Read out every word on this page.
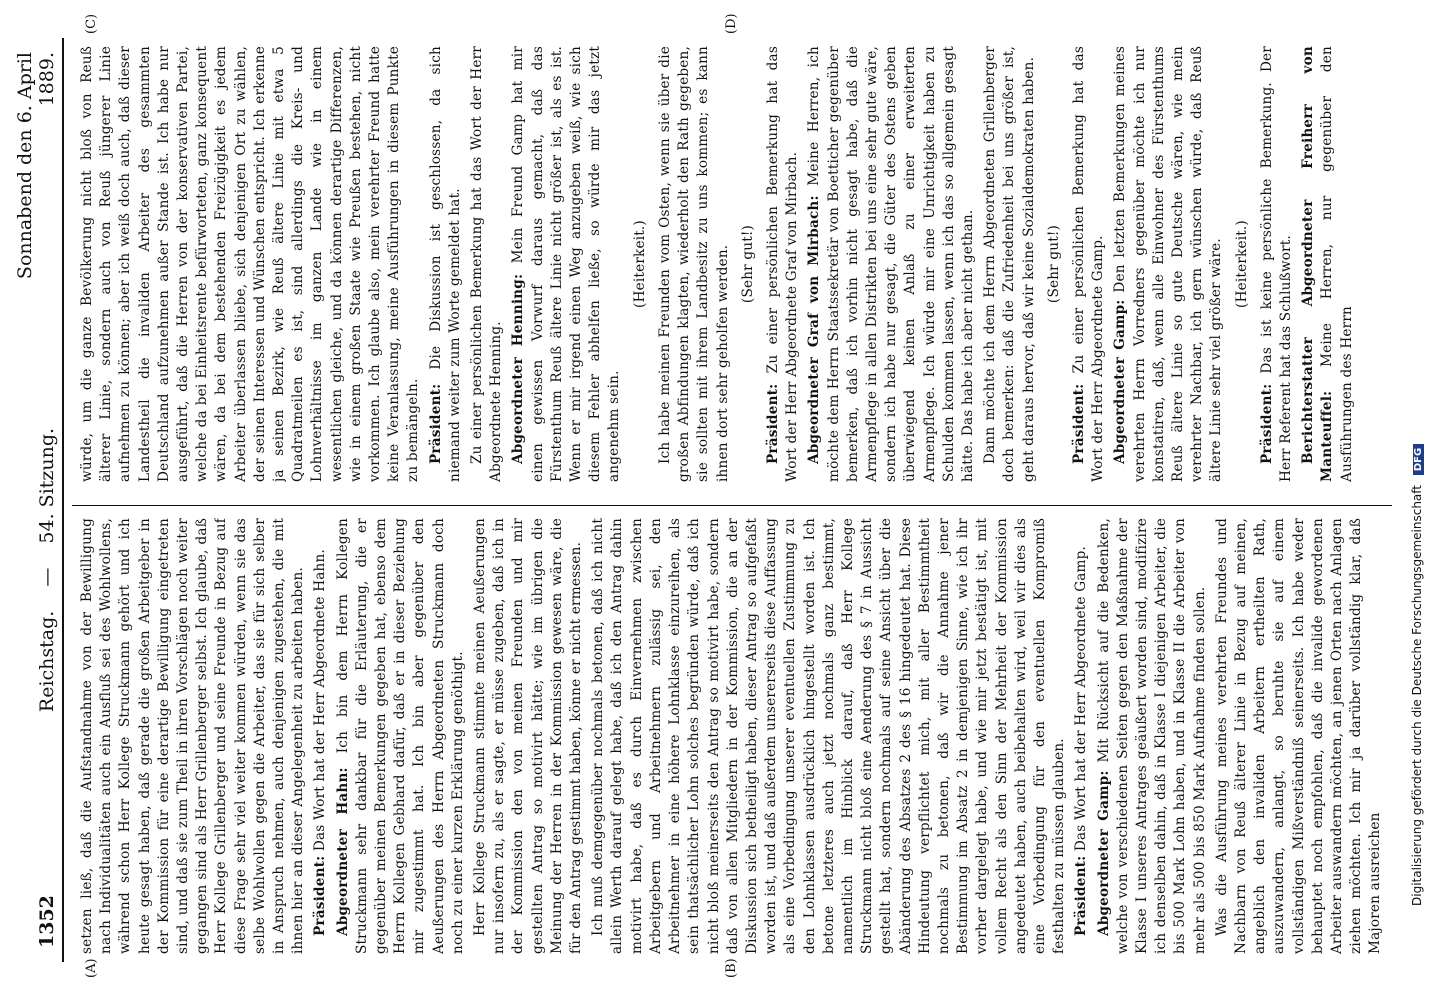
1352
Reichstag. — 54. Sitzung.
Sonnabend den 6. April 1889.
(A)	(B)
(C)	(D)

setzen ließ, daß die Aufstandnahme von der Bewilligung nach Individualitäten auch ein Ausfluß sei des Wohlwollens, während schon Herr Kollege Struckmann gehört und ich heute gesagt haben, daß gerade die großen Arbeitgeber in der Kommission für eine derartige Bewilligung eingetreten sind, und daß sie zum Theil in ihren Vorschlägen noch weiter gegangen sind als Herr Grillenberger selbst. Ich glaube, daß Herr Kollege Grillenberger und seine Freunde in Bezug auf diese Frage sehr viel weiter kommen würden, wenn sie das selbe Wohlwollen gegen die Arbeiter, das sie für sich selber in Anspruch nehmen, auch denjenigen zugestehen, die mit ihnen hier an dieser Angelegenheit zu arbeiten haben. Präsident: Das Wort hat der Herr Abgeordnete Hahn.

Abgeordneter Hahn: Ich bin dem Herrn Kollegen Struckmann sehr dankbar für die Erläuterung, die er gegenüber meinen Bemerkungen gegeben hat, ebenso dem Herrn Kollegen Gebhard dafür, daß er in dieser Beziehung mir zugestimmt hat. Ich bin aber gegenüber den Aeußerungen des Herrn Abgeordneten Struckmann doch noch zu einer kurzen Erklärung genöthigt. Herr Kollege Struckmann stimmte meinen Aeußerungen nur insofern zu, als er sagte, er müsse zugeben, daß ich in der Kommission den von meinen Freunden und mir gestellten Antrag so motivirt hätte; wie im übrigen die Meinung der Herren in der Kommission gewesen wäre, die für den Antrag gestimmt haben, könne er nicht ermessen. Ich muß demgegenüber nochmals betonen, daß ich nicht allein Werth darauf gelegt habe, daß ich den Antrag dahin motivirt habe, daß es durch Einvernehmen zwischen Arbeitgebern und Arbeitnehmern zulässig sei, den Arbeitnehmer in eine höhere Lohnklasse einzureihen, als sein thatsächlicher Lohn solches begründen würde, daß ich nicht bloß meinerseits den Antrag so motivirt habe, sondern daß von allen Mitgliedern in der Kommission, die an der Diskussion sich betheiligt haben, dieser Antrag so aufgefaßt worden ist, und daß außerdem unsererseits diese Auffassung als eine Vorbedingung unserer eventuellen Zustimmung zu den Lohnklassen ausdrücklich hingestellt worden ist. Ich betone letzteres auch jetzt nochmals ganz bestimmt, namentlich im Hinblick darauf, daß Herr Kollege Struckmann nicht bloß eine Aenderung des § 7 in Aussicht gestellt hat, sondern nochmals auf seine Ansicht über die Abänderung des Absatzes 2 des § 16 hingedeutet hat. Diese Hindeutung verpflichtet mich, mit aller Bestimmtheit nochmals zu betonen, daß wir die Annahme jener Bestimmung im Absatz 2 in demjenigen Sinne, wie ich ihr vorher dargelegt habe, und wie mir jetzt bestätigt ist, mit vollem Recht als den Sinn der Mehrheit der Kommission angedeutet haben, auch beibehalten wird, weil wir dies als eine Vorbedingung für den eventuellen Kompromiß festhalten zu müssen glauben. Präsident: Das Wort hat der Herr Abgeordnete Gamp.

Abgeordneter Gamp: Mit Rücksicht auf die Bedenken, welche von verschiedenen Seiten gegen den Maßnahme der Klasse I unseres Antrages geäußert worden sind, modifizire ich denselben dahin, daß in Klasse I diejenigen Arbeiter, die bis 500 Mark Lohn haben, und in Klasse II die Arbeiter von mehr als 500 bis 850 Mark Aufnahme finden sollen. Was die Ausführung meines verehrten Freundes und Nachbarn von Reuß älterer Linie in Bezug auf meinen, angeblich den invaliden Arbeitern ertheilten Rath, auszuwandern, anlangt, so beruhte sie auf einem vollständigen Mißverständniß seinerseits. Ich habe weder behauptet noch empfohlen, daß die invalide gewordenen Arbeiter auswandern möchten, an jenen Orten nach Anlagen ziehen möchten. Ich mir ja darüber vollständig klar, daß Majoren ausreichen

würde, um die ganze Bevölkerung nicht bloß von Reuß älterer Linie, sondern auch von Reuß jüngerer Linie aufnehmen zu können; aber ich weiß doch auch, daß dieser Landestheil die invaliden Arbeiter des gesammten Deutschland aufzunehmen außer Stande ist. Ich habe nur ausgeführt, daß die Herren von der konservativen Partei, welche da bei Einheitsrente befürworteten, ganz konsequent wären, da bei dem bestehenden Freizügigkeit es jedem Arbeiter überlassen bliebe, sich denjenigen Ort zu wählen, der seinen Interessen und Wünschen entspricht. Ich erkenne ja seinen Bezirk, wie Reuß ältere Linie mit etwa 5 Quadratmeilen es ist, sind allerdings die Kreis- und Lohnverhältnisse im ganzen Lande wie in einem wesentlichen gleiche, und da können derartige Differenzen, wie in einem großen Staate wie Preußen bestehen, nicht vorkommen. Ich glaube also, mein verehrter Freund hatte keine Veranlassung, meine Ausführungen in diesem Punkte zu bemängeln. Präsident: Die Diskussion ist geschlossen, da sich niemand weiter zum Worte gemeldet hat. Zu einer persönlichen Bemerkung hat das Wort der Herr Abgeordnete Henning. Abgeordneter Henning: Mein Freund Gamp hat mir einen gewissen Vorwurf daraus gemacht, daß das Fürstenthum Reuß ältere Linie nicht größer ist, als es ist. Wenn er mir irgend einen Weg anzugeben weiß, wie sich diesem Fehler abhelfen ließe, so würde mir das jetzt angenehm sein.

(Heiterkeit.) Ich habe meinen Freunden vom Osten, wenn sie über die großen Abfindungen klagten, wiederholt den Rath gegeben, sie sollten mit ihrem Landbesitz zu uns kommen; es kann ihnen dort sehr geholfen werden. (Sehr gut!)

Präsident: Zu einer persönlichen Bemerkung hat das Wort der Herr Abgeordnete Graf von Mirbach. Abgeordneter Graf von Mirbach: Meine Herren, ich möchte dem Herrn Staatssekretär von Boetticher gegenüber bemerken, daß ich vorhin nicht gesagt habe, daß die Armenpflege in allen Distrikten bei uns eine sehr gute wäre, sondern ich habe nur gesagt, die Güter des Ostens geben überwiegend keinen Anlaß zu einer erweiterten Armenpflege. Ich würde mir eine Unrichtigkeit haben zu Schulden kommen lassen, wenn ich das so allgemein gesagt hätte. Das habe ich aber nicht gethan. Dann möchte ich dem Herrn Abgeordneten Grillenberger doch bemerken: daß die Zufriedenheit bei uns größer ist, geht daraus hervor, daß wir keine Sozialdemokraten haben. (Sehr gut!)

Präsident: Zu einer persönlichen Bemerkung hat das Wort der Herr Abgeordnete Gamp. Abgeordneter Gamp: Den letzten Bemerkungen meines verehrten Herrn Vorredners gegenüber möchte ich nur konstatiren, daß, wenn alle Einwohner des Fürstenthums Reuß ältere Linie so gute Deutsche wären, wie mein verehrter Nachbar, ich gern wünschen würde, daß Reuß ältere Linie sehr viel größer wäre. (Heiterkeit.)

Präsident: Das ist keine persönliche Bemerkung. Der Herr Referent hat das Schlußwort. Berichterstatter Abgeordneter Freiherr von Manteuffel: Meine Herren, nur gegenüber den Ausführungen des Herrn

Digitalisierung gefördert durch die Deutsche Forschungsgemeinschaft DFG
